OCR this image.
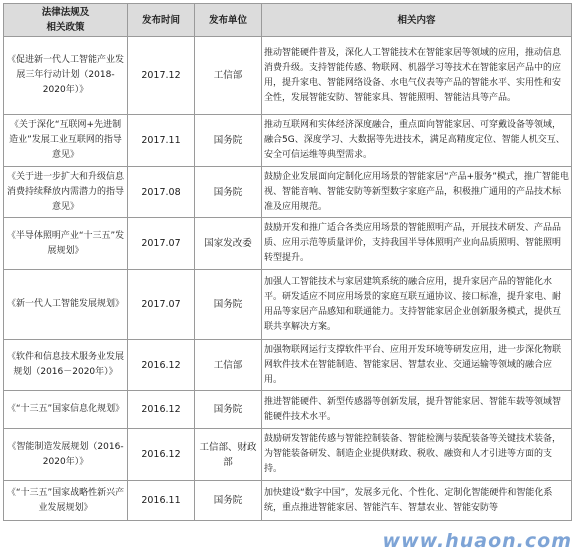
法律法规及
相关政策	发布时间	发布单位	相关内容
《促进新一代人工智能产业发展三年行动计划（2018-2020年）》	2017.12	工信部	推动智能硬件普及，深化人工智能技术在智能家居等领域的应用，推动信息消费升级。支持智能传感、物联网、机器学习等技术在智能家居产品中的应用，提升家电、智能网络设备、水电气仪表等产品的智能水平、实用性和安全性，发展智能安防、智能家具、智能照明、智能洁具等产品。
《关于深化“互联网+先进制造业”发展工业互联网的指导意见》	2017.11	国务院	推动互联网和实体经济深度融合，重点面向智能家居、可穿戴设备等领域，融合5G、深度学习、大数据等先进技术，满足高精度定位、智能人机交互、安全可信运维等典型需求。
《关于进一步扩大和升级信息消费持续释放内需潜力的指导意见》	2017.08	国务院	鼓励企业发展面向定制化应用场景的智能家居“产品+服务”模式，推广智能电视、智能音响、智能安防等新型数字家庭产品，积极推广通用的产品技术标准及应用规范。
《半导体照明产业“十三五”发展规划》	2017.07	国家发改委	鼓励开发和推广适合各类应用场景的智能照明产品，开展技术研发、产品品质、应用示范等质量评价，支持我国半导体照明产业向品质照明、智能照明转型提升。
《新一代人工智能发展规划》	2017.07	国务院	加强人工智能技术与家居建筑系统的融合应用，提升家居产品的智能化水平。研发适应不同应用场景的家庭互联互通协议、接口标准，提升家电、耐用品等家居产品感知和联通能力。支持智能家居企业创新服务模式，提供互联共享解决方案。
《软件和信息技术服务业发展规划（2016－2020年）》	2016.12	工信部	加强物联网运行支撑软件平台、应用开发环境等研发应用，进一步深化物联网软件技术在智能制造、智能家居、智慧农业、交通运输等领域的融合应用。
《“十三五”国家信息化规划》	2016.12	国务院	推进智能硬件、新型传感器等创新发展，提升智能家居、智能车载等领域智能硬件技术水平。
《智能制造发展规划（2016-2020年）》	2016.12	工信部、财政部	鼓励研发智能传感与智能控制装备、智能检测与装配装备等关键技术装备，为智能装备研发、制造企业提供财政、税收、融资和人才引进等方面的支持。
《“十三五”国家战略性新兴产业发展规划》	2016.11	国务院	加快建设“数字中国”，发展多元化、个性化、定制化智能硬件和智能化系统，重点推进智能家居、智能汽车、智慧农业、智能安防等
www.huaon.com
